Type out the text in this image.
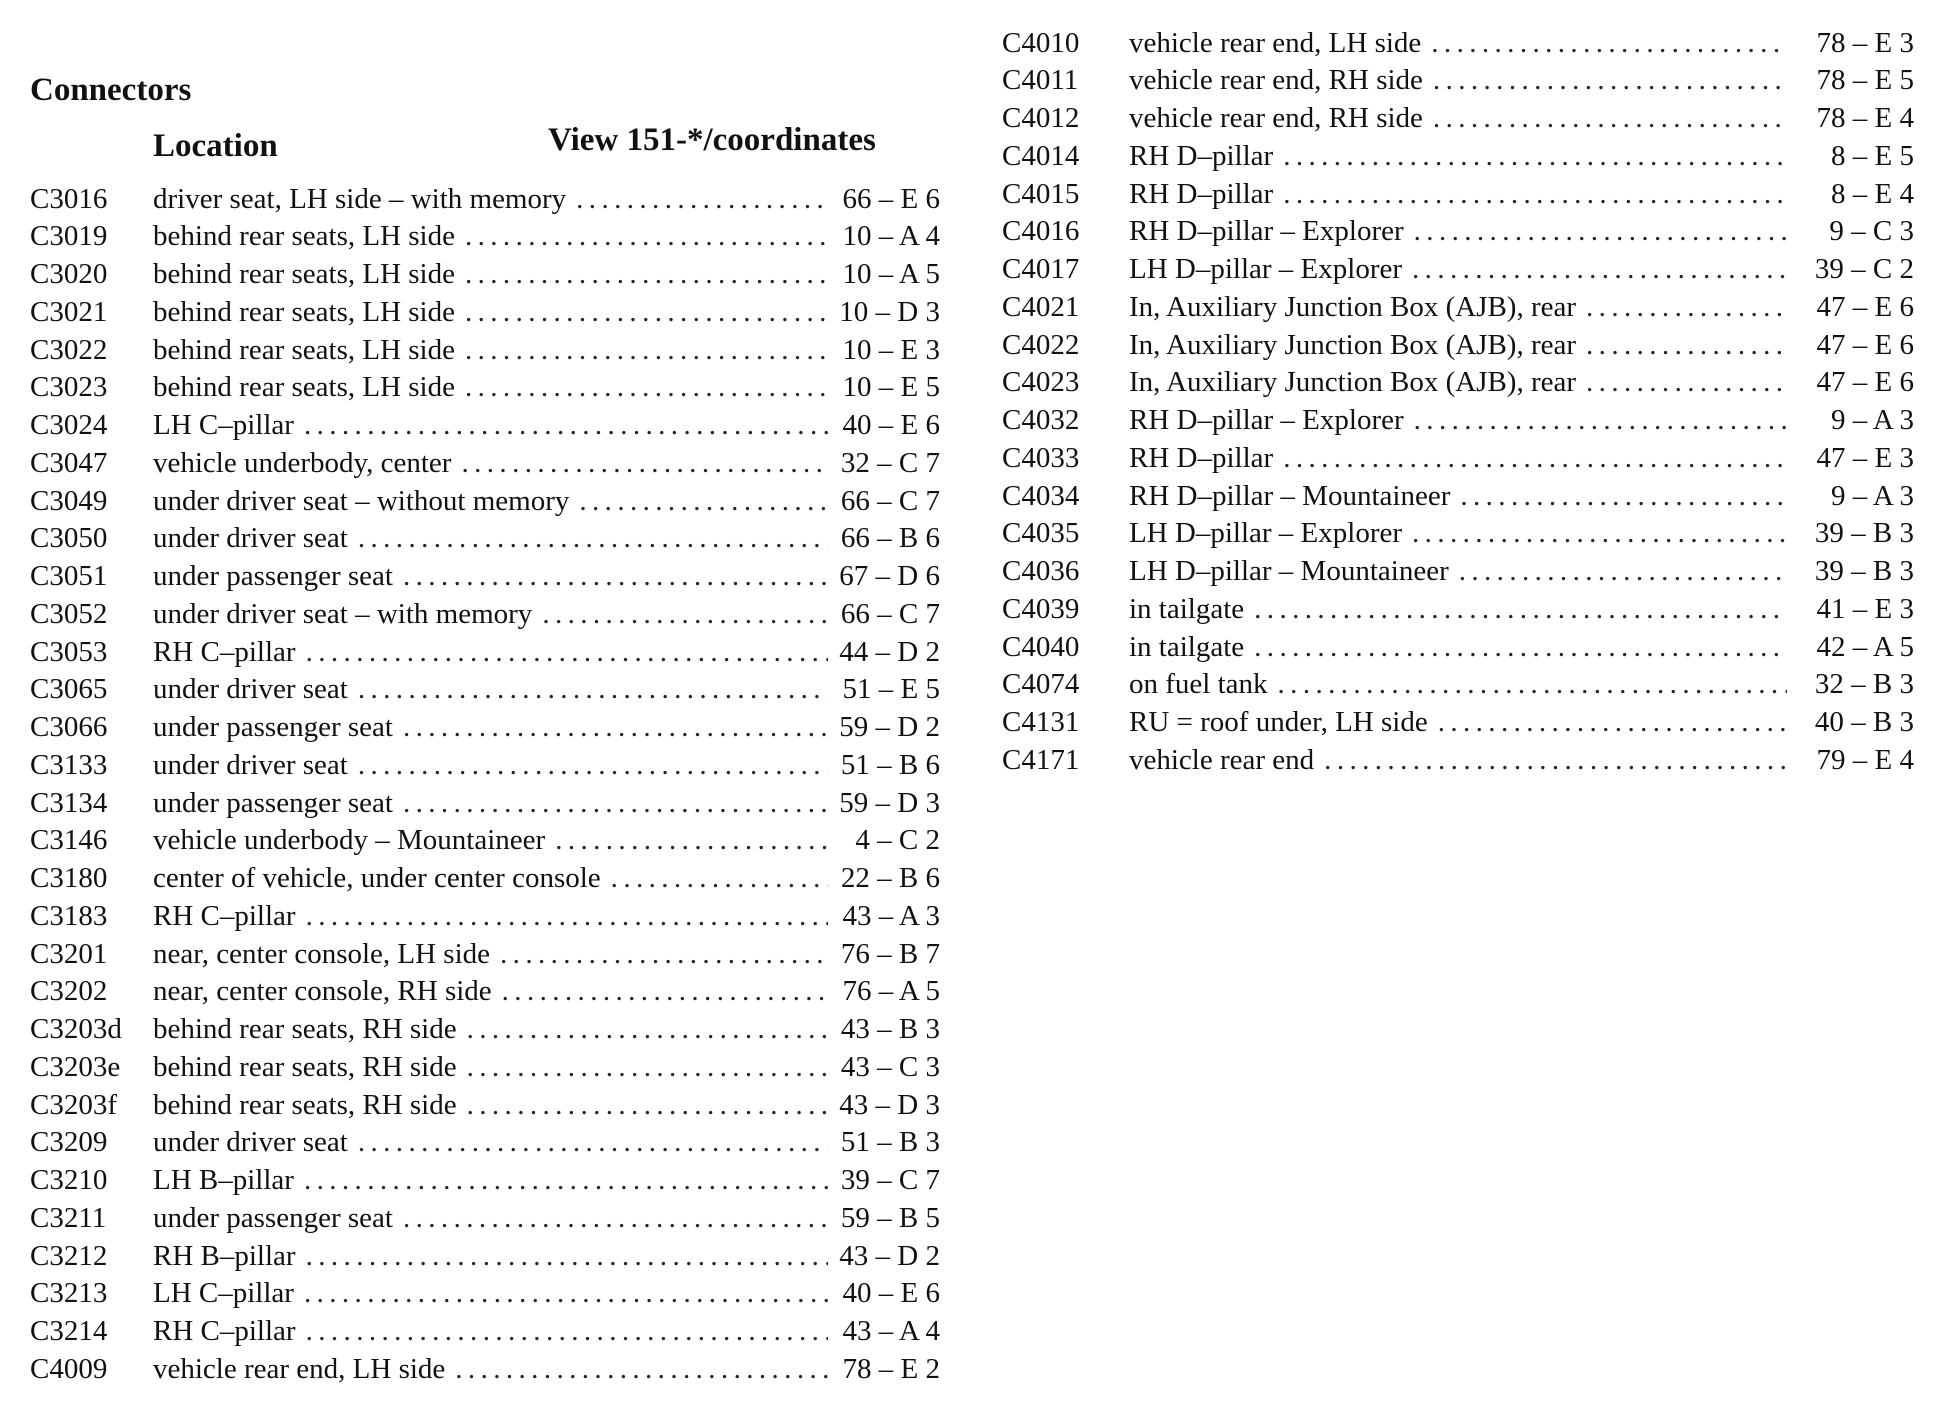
Connectors
Location	View 151-*/coordinates
C3016 driver seat, LH side – with memory .....	66 – E 6
C3019 behind rear seats, LH side .....	10 – A 4
C3020 behind rear seats, LH side .....	10 – A 5
C3021 behind rear seats, LH side .....	10 – D 3
C3022 behind rear seats, LH side .....	10 – E 3
C3023 behind rear seats, LH side .....	10 – E 5
C3024 LH C–pillar .....	40 – E 6
C3047 vehicle underbody, center .....	32 – C 7
C3049 under driver seat – without memory .....	66 – C 7
C3050 under driver seat .....	66 – B 6
C3051 under passenger seat .....	67 – D 6
C3052 under driver seat – with memory .....	66 – C 7
C3053 RH C–pillar .....	44 – D 2
C3065 under driver seat .....	51 – E 5
C3066 under passenger seat .....	59 – D 2
C3133 under driver seat .....	51 – B 6
C3134 under passenger seat .....	59 – D 3
C3146 vehicle underbody – Mountaineer .....	4 – C 2
C3180 center of vehicle, under center console .....	22 – B 6
C3183 RH C–pillar .....	43 – A 3
C3201 near, center console, LH side .....	76 – B 7
C3202 near, center console, RH side .....	76 – A 5
C3203d behind rear seats, RH side .....	43 – B 3
C3203e behind rear seats, RH side .....	43 – C 3
C3203f behind rear seats, RH side .....	43 – D 3
C3209 under driver seat .....	51 – B 3
C3210 LH B–pillar .....	39 – C 7
C3211 under passenger seat .....	59 – B 5
C3212 RH B–pillar .....	43 – D 2
C3213 LH C–pillar .....	40 – E 6
C3214 RH C–pillar .....	43 – A 4
C4009 vehicle rear end, LH side .....	78 – E 2
C4010 vehicle rear end, LH side .....	78 – E 3
C4011 vehicle rear end, RH side .....	78 – E 5
C4012 vehicle rear end, RH side .....	78 – E 4
C4014 RH D–pillar .....	8 – E 5
C4015 RH D–pillar .....	8 – E 4
C4016 RH D–pillar – Explorer .....	9 – C 3
C4017 LH D–pillar – Explorer .....	39 – C 2
C4021 In, Auxiliary Junction Box (AJB), rear .....	47 – E 6
C4022 In, Auxiliary Junction Box (AJB), rear .....	47 – E 6
C4023 In, Auxiliary Junction Box (AJB), rear .....	47 – E 6
C4032 RH D–pillar – Explorer .....	9 – A 3
C4033 RH D–pillar .....	47 – E 3
C4034 RH D–pillar – Mountaineer .....	9 – A 3
C4035 LH D–pillar – Explorer .....	39 – B 3
C4036 LH D–pillar – Mountaineer .....	39 – B 3
C4039 in tailgate .....	41 – E 3
C4040 in tailgate .....	42 – A 5
C4074 on fuel tank .....	32 – B 3
C4131 RU = roof under, LH side .....	40 – B 3
C4171 vehicle rear end .....	79 – E 4
